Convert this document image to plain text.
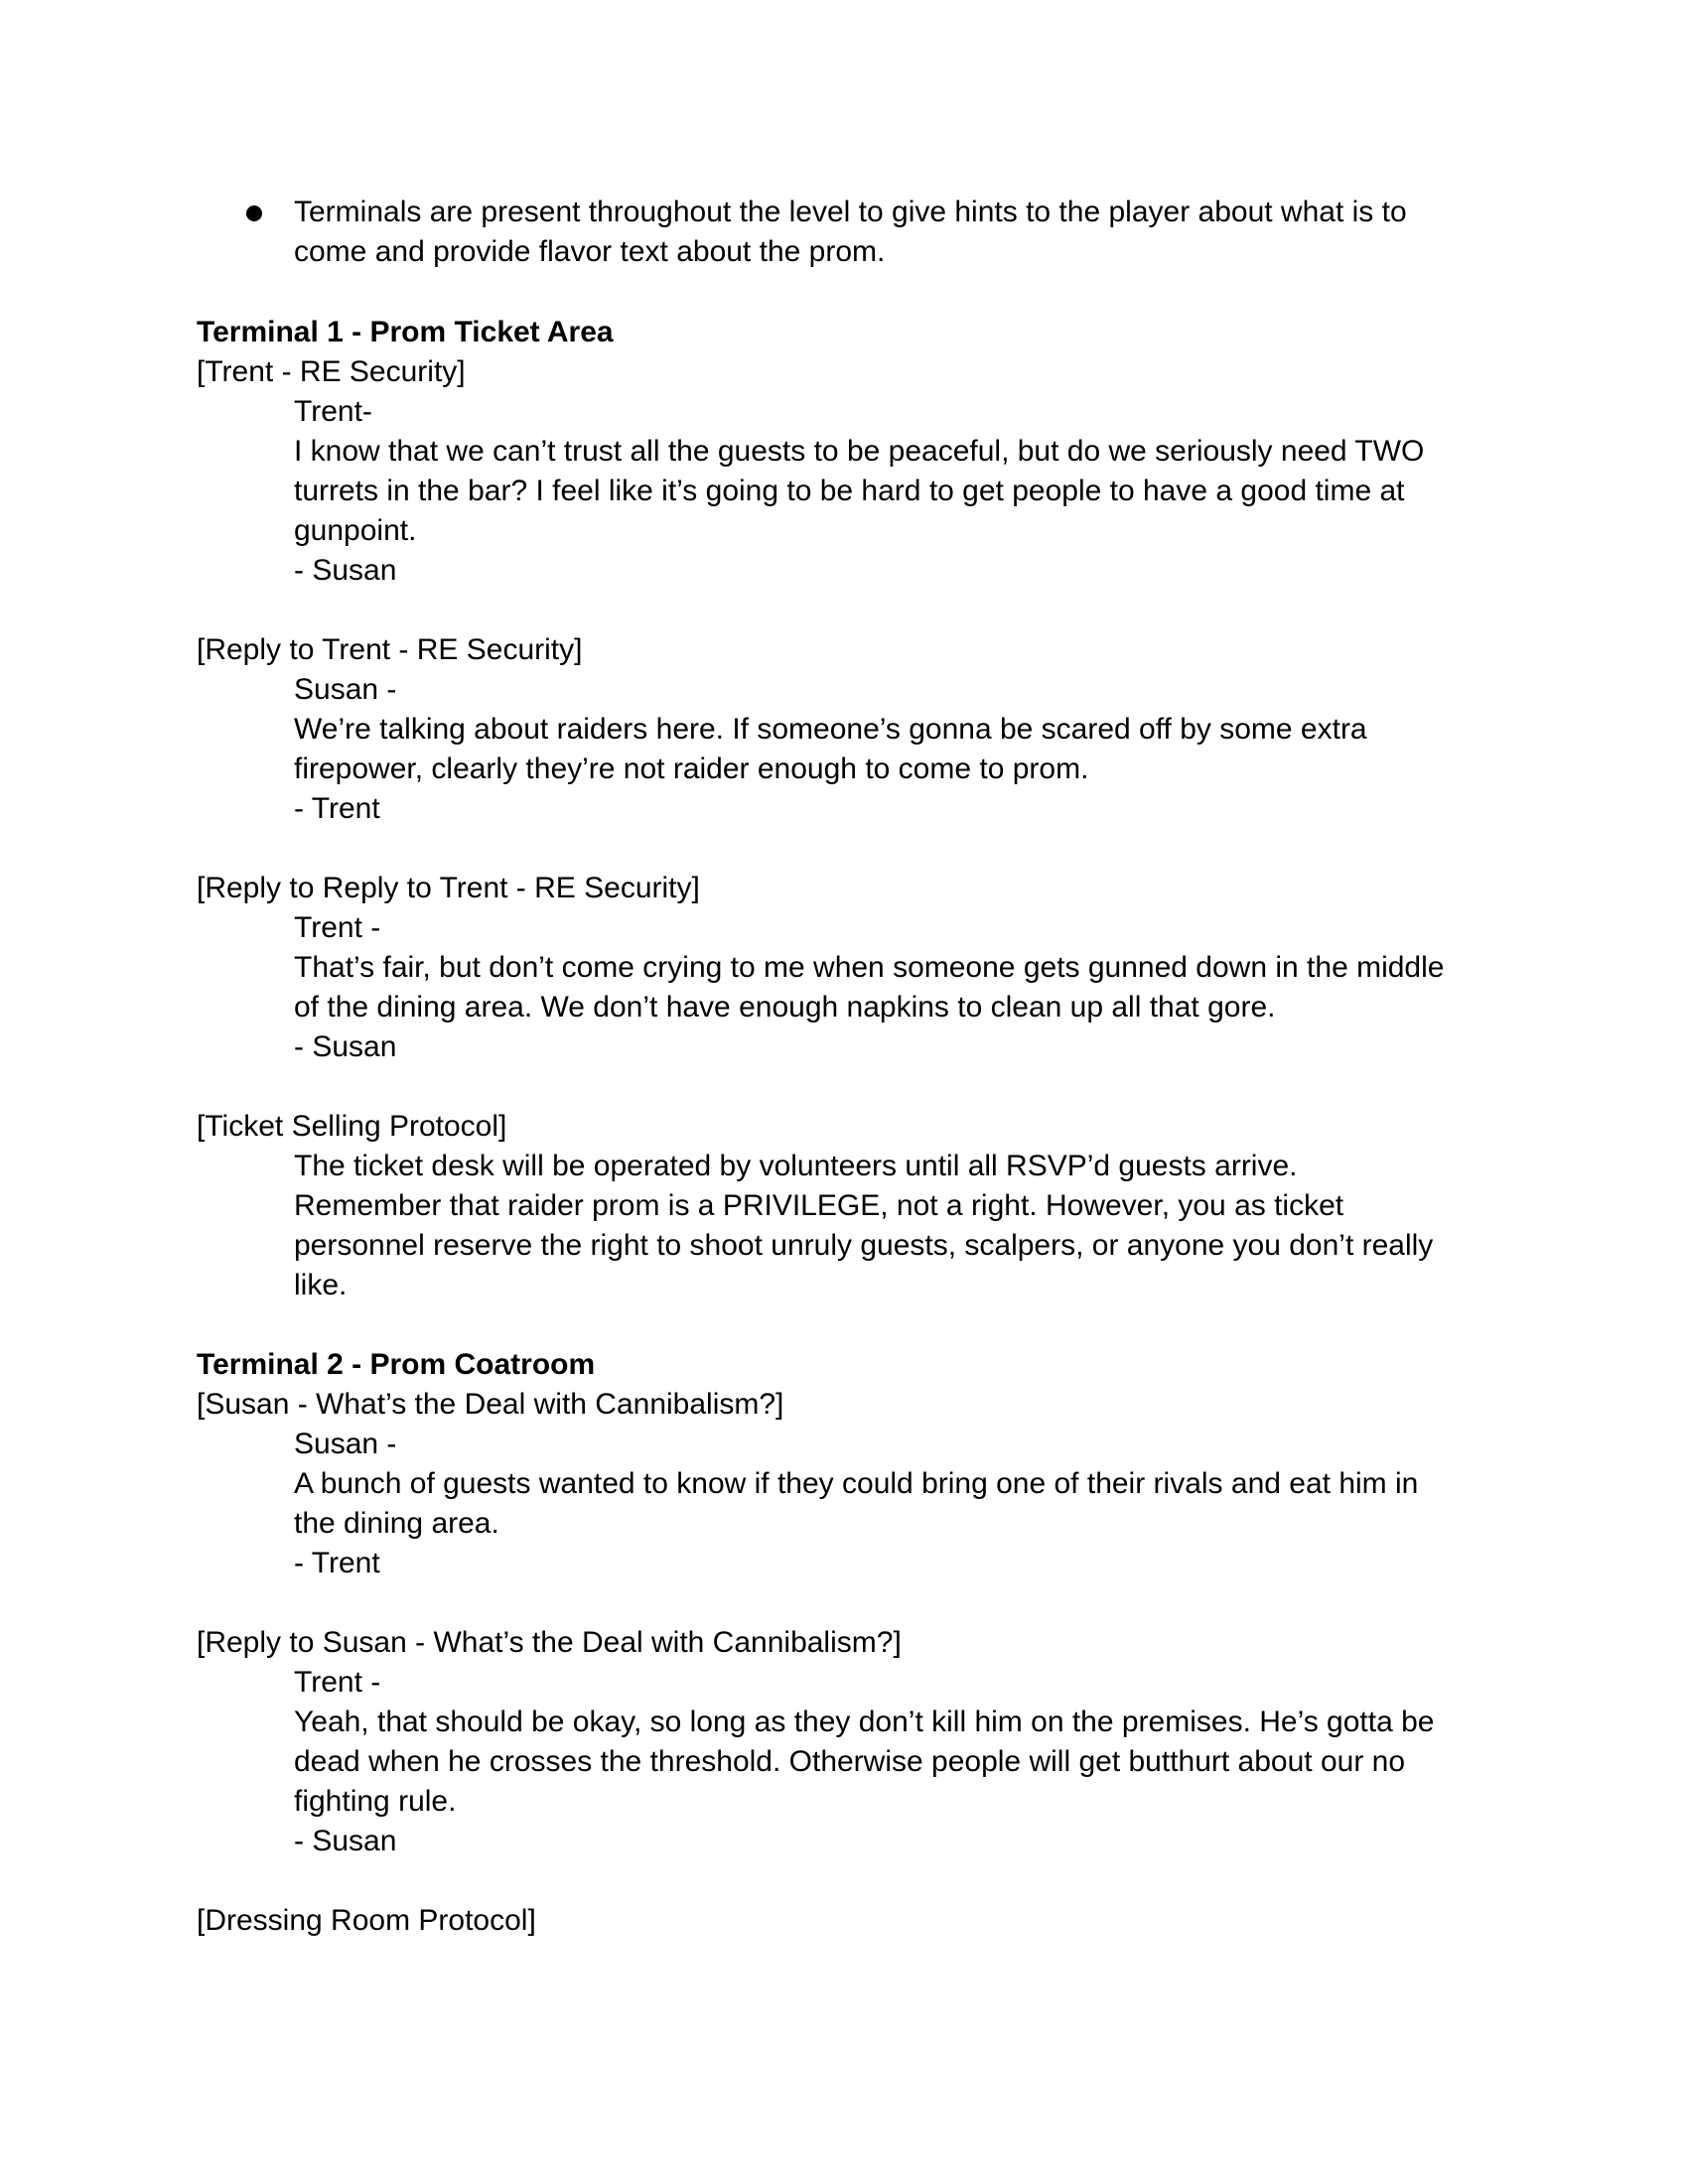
Terminals are present throughout the level to give hints to the player about what is to
come and provide flavor text about the prom.
Terminal 1 - Prom Ticket Area
[Trent - RE Security]
Trent-
I know that we can’t trust all the guests to be peaceful, but do we seriously need TWO
turrets in the bar? I feel like it’s going to be hard to get people to have a good time at
gunpoint.
- Susan
[Reply to Trent - RE Security]
Susan -
We’re talking about raiders here. If someone’s gonna be scared off by some extra
firepower, clearly they’re not raider enough to come to prom.
- Trent
[Reply to Reply to Trent - RE Security]
Trent -
That’s fair, but don’t come crying to me when someone gets gunned down in the middle
of the dining area. We don’t have enough napkins to clean up all that gore.
- Susan
[Ticket Selling Protocol]
The ticket desk will be operated by volunteers until all RSVP’d guests arrive.
Remember that raider prom is a PRIVILEGE, not a right. However, you as ticket
personnel reserve the right to shoot unruly guests, scalpers, or anyone you don’t really
like.
Terminal 2 - Prom Coatroom
[Susan - What’s the Deal with Cannibalism?]
Susan -
A bunch of guests wanted to know if they could bring one of their rivals and eat him in
the dining area.
- Trent
[Reply to Susan - What’s the Deal with Cannibalism?]
Trent -
Yeah, that should be okay, so long as they don’t kill him on the premises. He’s gotta be
dead when he crosses the threshold. Otherwise people will get butthurt about our no
fighting rule.
- Susan
[Dressing Room Protocol]
